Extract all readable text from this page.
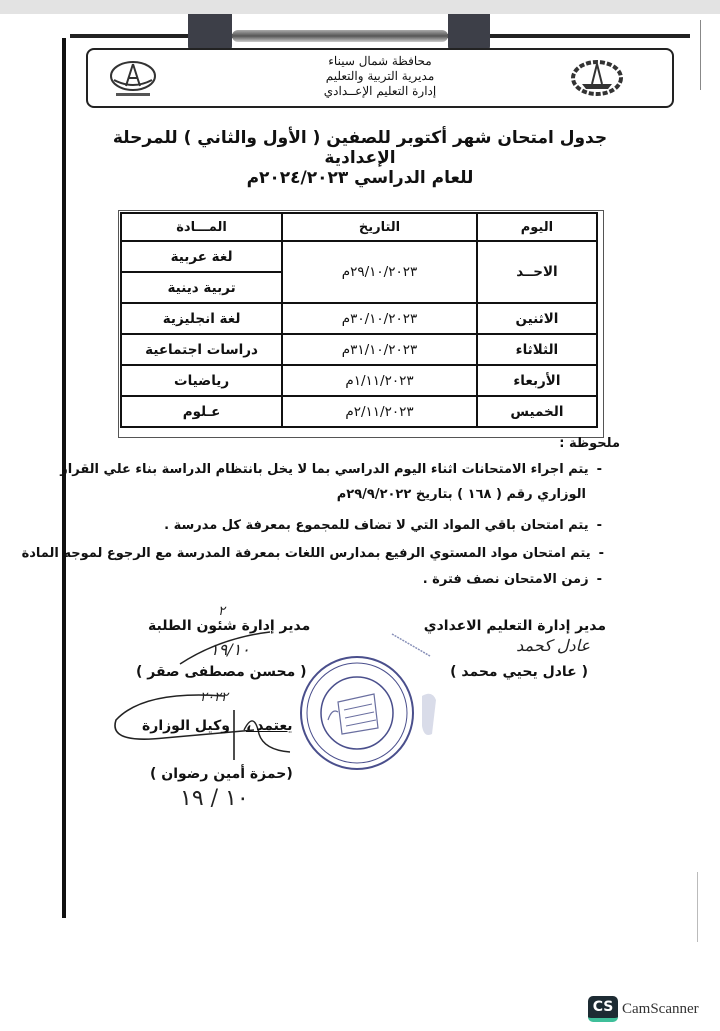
محافظة شمال سيناء
مديرية التربية والتعليم
إدارة التعليم الإعــدادي
جدول امتحان شهر أكتوبر للصفين ( الأول والثاني ) للمرحلة الإعدادية
للعام الدراسي ٢٠٢٤/٢٠٢٣م
اليوم	التاريخ	المـــادة
الاحــد	٢٩/١٠/٢٠٢٣م	لغة عربية
		تربية دينية
الاثنين	٣٠/١٠/٢٠٢٣م	لغة انجليزية
الثلاثاء	٣١/١٠/٢٠٢٣م	دراسات اجتماعية
الأربعاء	١/١١/٢٠٢٣م	رياضيات
الخميس	٢/١١/٢٠٢٣م	عـلوم
ملحوظة :
-يتم اجراء الامتحانات اثناء اليوم الدراسي بما لا يخل بانتظام الدراسة بناء علي القرار
الوزاري رقم ( ١٦٨ ) بتاريخ ٢٩/٩/٢٠٢٢م
-يتم امتحان باقي المواد التي لا تضاف للمجموع بمعرفة كل مدرسة .
-يتم امتحان مواد المستوي الرفيع بمدارس اللغات بمعرفة المدرسة مع الرجوع لموجه المادة
-زمن الامتحان نصف فترة .
مدير إدارة التعليم الاعدادي
عادل كحمد
( عادل يحيي محمد )
٢
مدير إدارة شئون الطلبة
١٩/١٠
( محسن مصطفى صقر )
٢٠٢٢
وكيل الوزارة يعتمد ،
(حمزة أمين رضوان )
١٠ / ١٩
CS CamScanner
